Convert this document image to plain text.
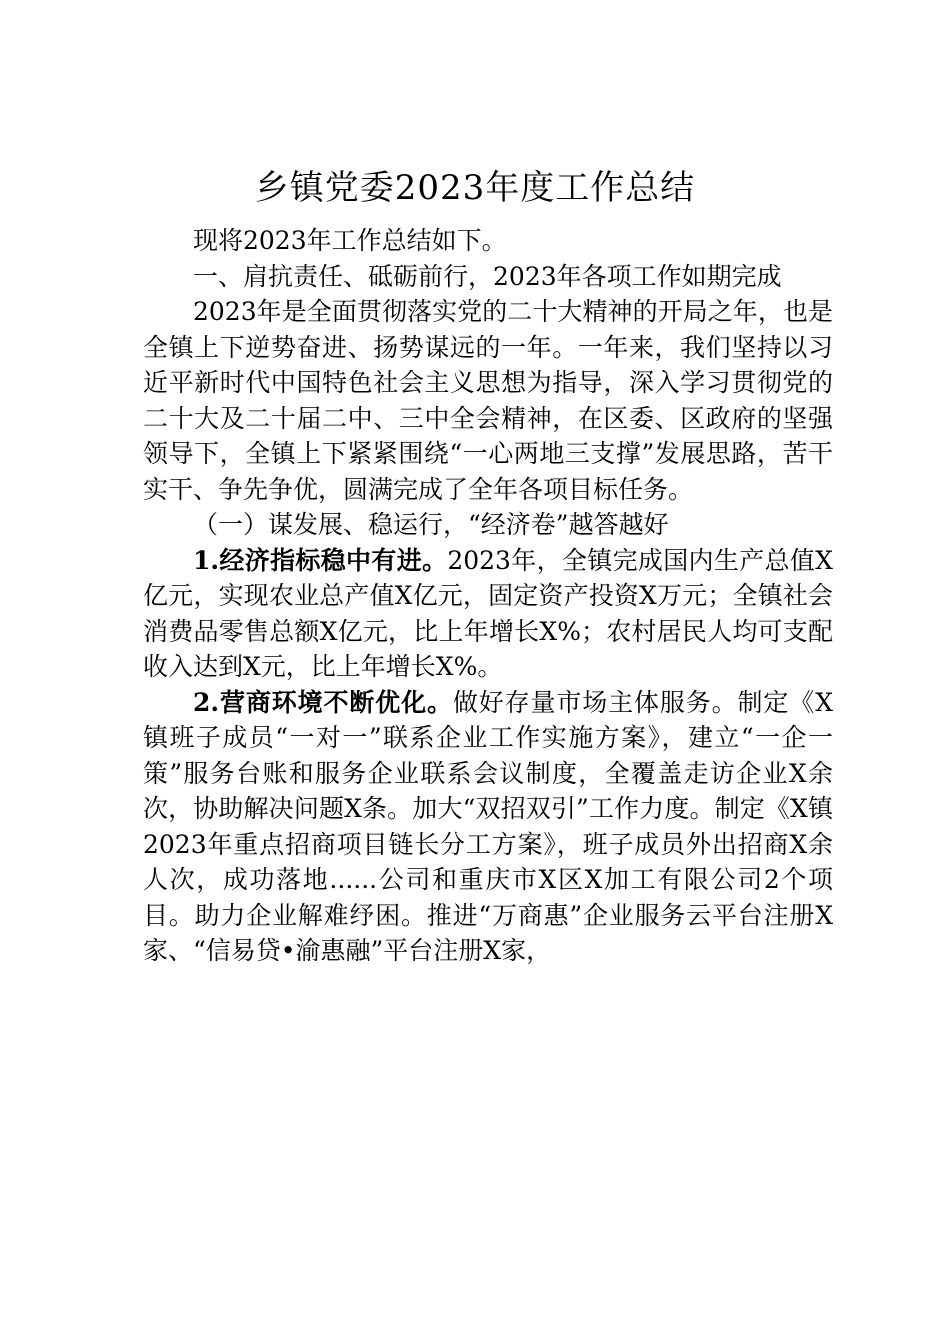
乡镇党委2023年度工作总结

现将2023年工作总结如下。

一、肩抗责任、砥砺前行，2023年各项工作如期完成

2023年是全面贯彻落实党的二十大精神的开局之年，也是全镇上下逆势奋进、扬势谋远的一年。一年来，我们坚持以习近平新时代中国特色社会主义思想为指导，深入学习贯彻党的二十大及二十届二中、三中全会精神，在区委、区政府的坚强领导下，全镇上下紧紧围绕“一心两地三支撑”发展思路，苦干实干、争先争优，圆满完成了全年各项目标任务。

（一）谋发展、稳运行，“经济卷”越答越好

1.经济指标稳中有进。2023年，全镇完成国内生产总值X亿元，实现农业总产值X亿元，固定资产投资X万元；全镇社会消费品零售总额X亿元，比上年增长X%；农村居民人均可支配收入达到X元，比上年增长X%。

2.营商环境不断优化。做好存量市场主体服务。制定《X镇班子成员“一对一”联系企业工作实施方案》，建立“一企一策”服务台账和服务企业联系会议制度，全覆盖走访企业X余次，协助解决问题X条。加大“双招双引”工作力度。制定《X镇2023年重点招商项目链长分工方案》，班子成员外出招商X余人次，成功落地......公司和重庆市X区X加工有限公司2个项目。助力企业解难纾困。推进“万商惠”企业服务云平台注册X家、“信易贷•渝惠融”平台注册X家，
